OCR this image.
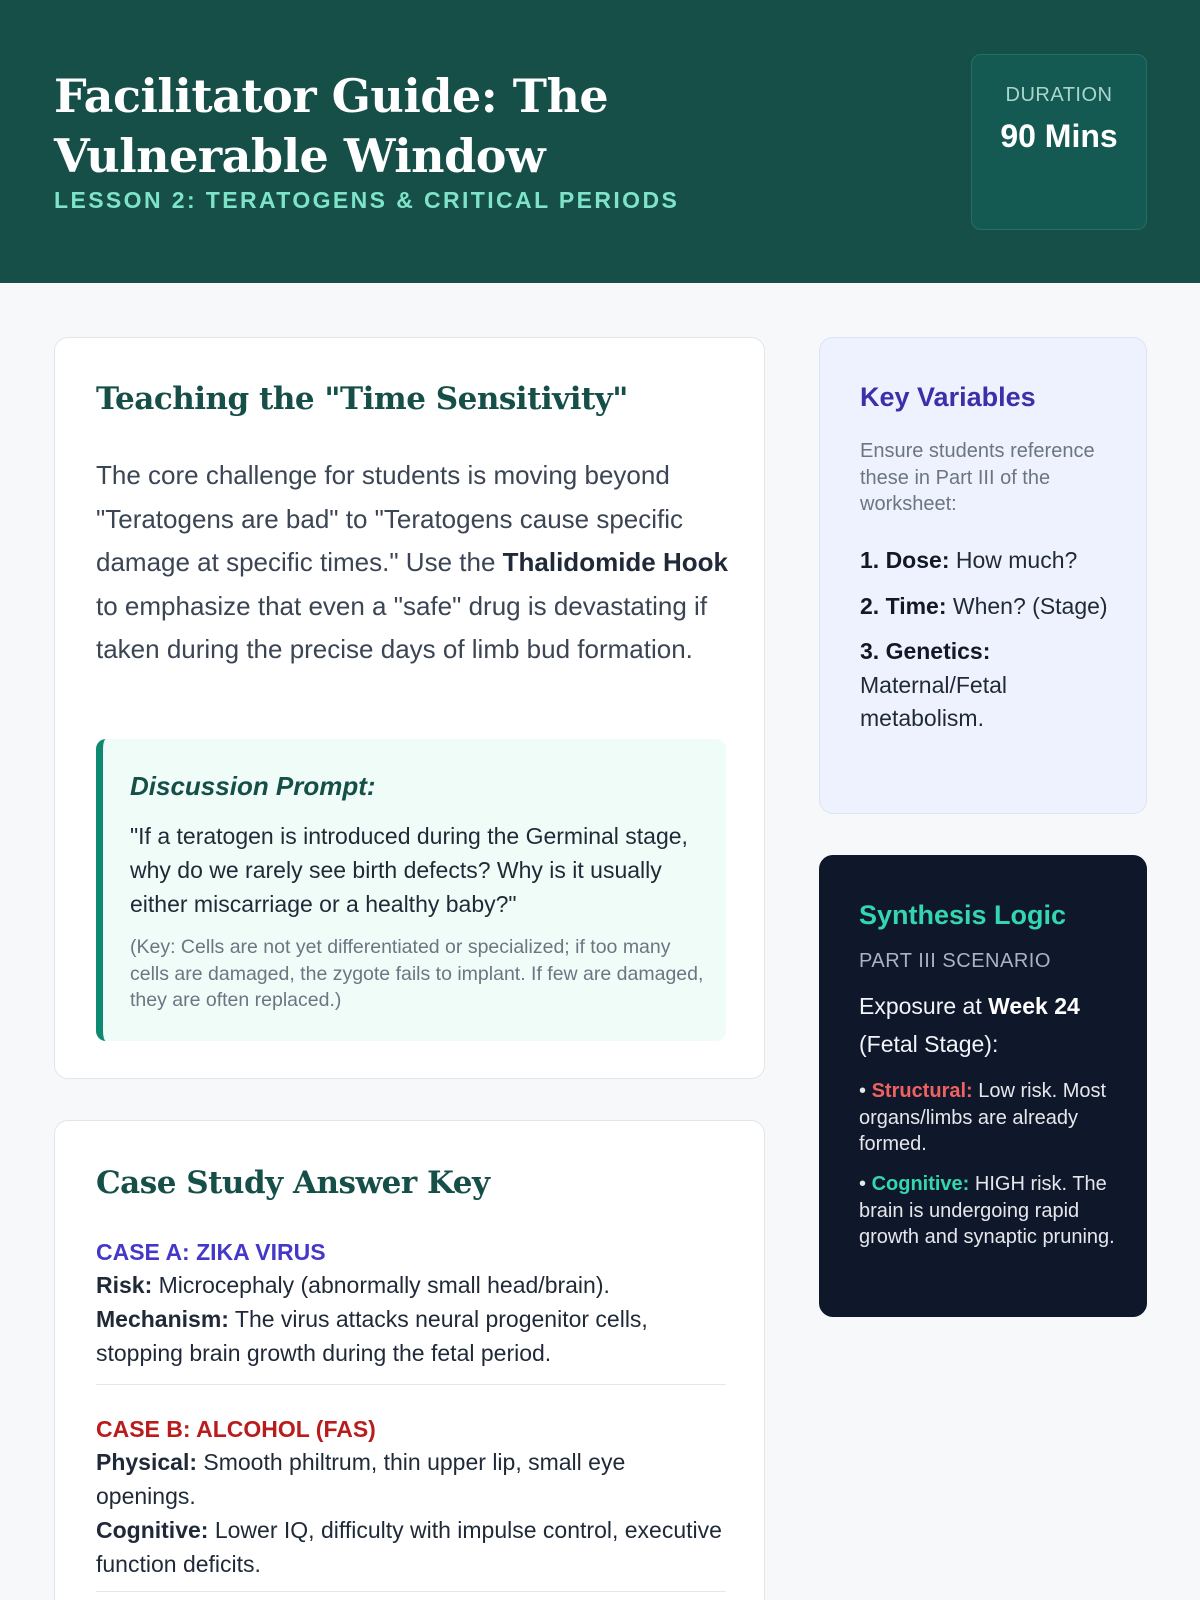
Facilitator Guide: The Vulnerable Window
LESSON 2: TERATOGENS & CRITICAL PERIODS
DURATION
90 Mins
Teaching the "Time Sensitivity"

The core challenge for students is moving beyond "Teratogens are bad" to "Teratogens cause specific damage at specific times." Use the Thalidomide Hook to emphasize that even a "safe" drug is devastating if taken during the precise days of limb bud formation.

Discussion Prompt:

"If a teratogen is introduced during the Germinal stage, why do we rarely see birth defects? Why is it usually either miscarriage or a healthy baby?"

(Key: Cells are not yet differentiated or specialized; if too many cells are damaged, the zygote fails to implant. If few are damaged, they are often replaced.)

Case Study Answer Key
CASE A: ZIKA VIRUS
Risk: Microcephaly (abnormally small head/brain).
Mechanism: The virus attacks neural progenitor cells, stopping brain growth during the fetal period.
CASE B: ALCOHOL (FAS)
Physical: Smooth philtrum, thin upper lip, small eye openings.
Cognitive: Lower IQ, difficulty with impulse control, executive function deficits.
Key Variables

Ensure students reference these in Part III of the worksheet:

1. Dose: How much?
2. Time: When? (Stage)
3. Genetics: Maternal/Fetal metabolism.
Synthesis Logic
PART III SCENARIO

Exposure at Week 24 (Fetal Stage):

• Structural: Low risk. Most organs/limbs are already formed.

• Cognitive: HIGH risk. The brain is undergoing rapid growth and synaptic pruning.
